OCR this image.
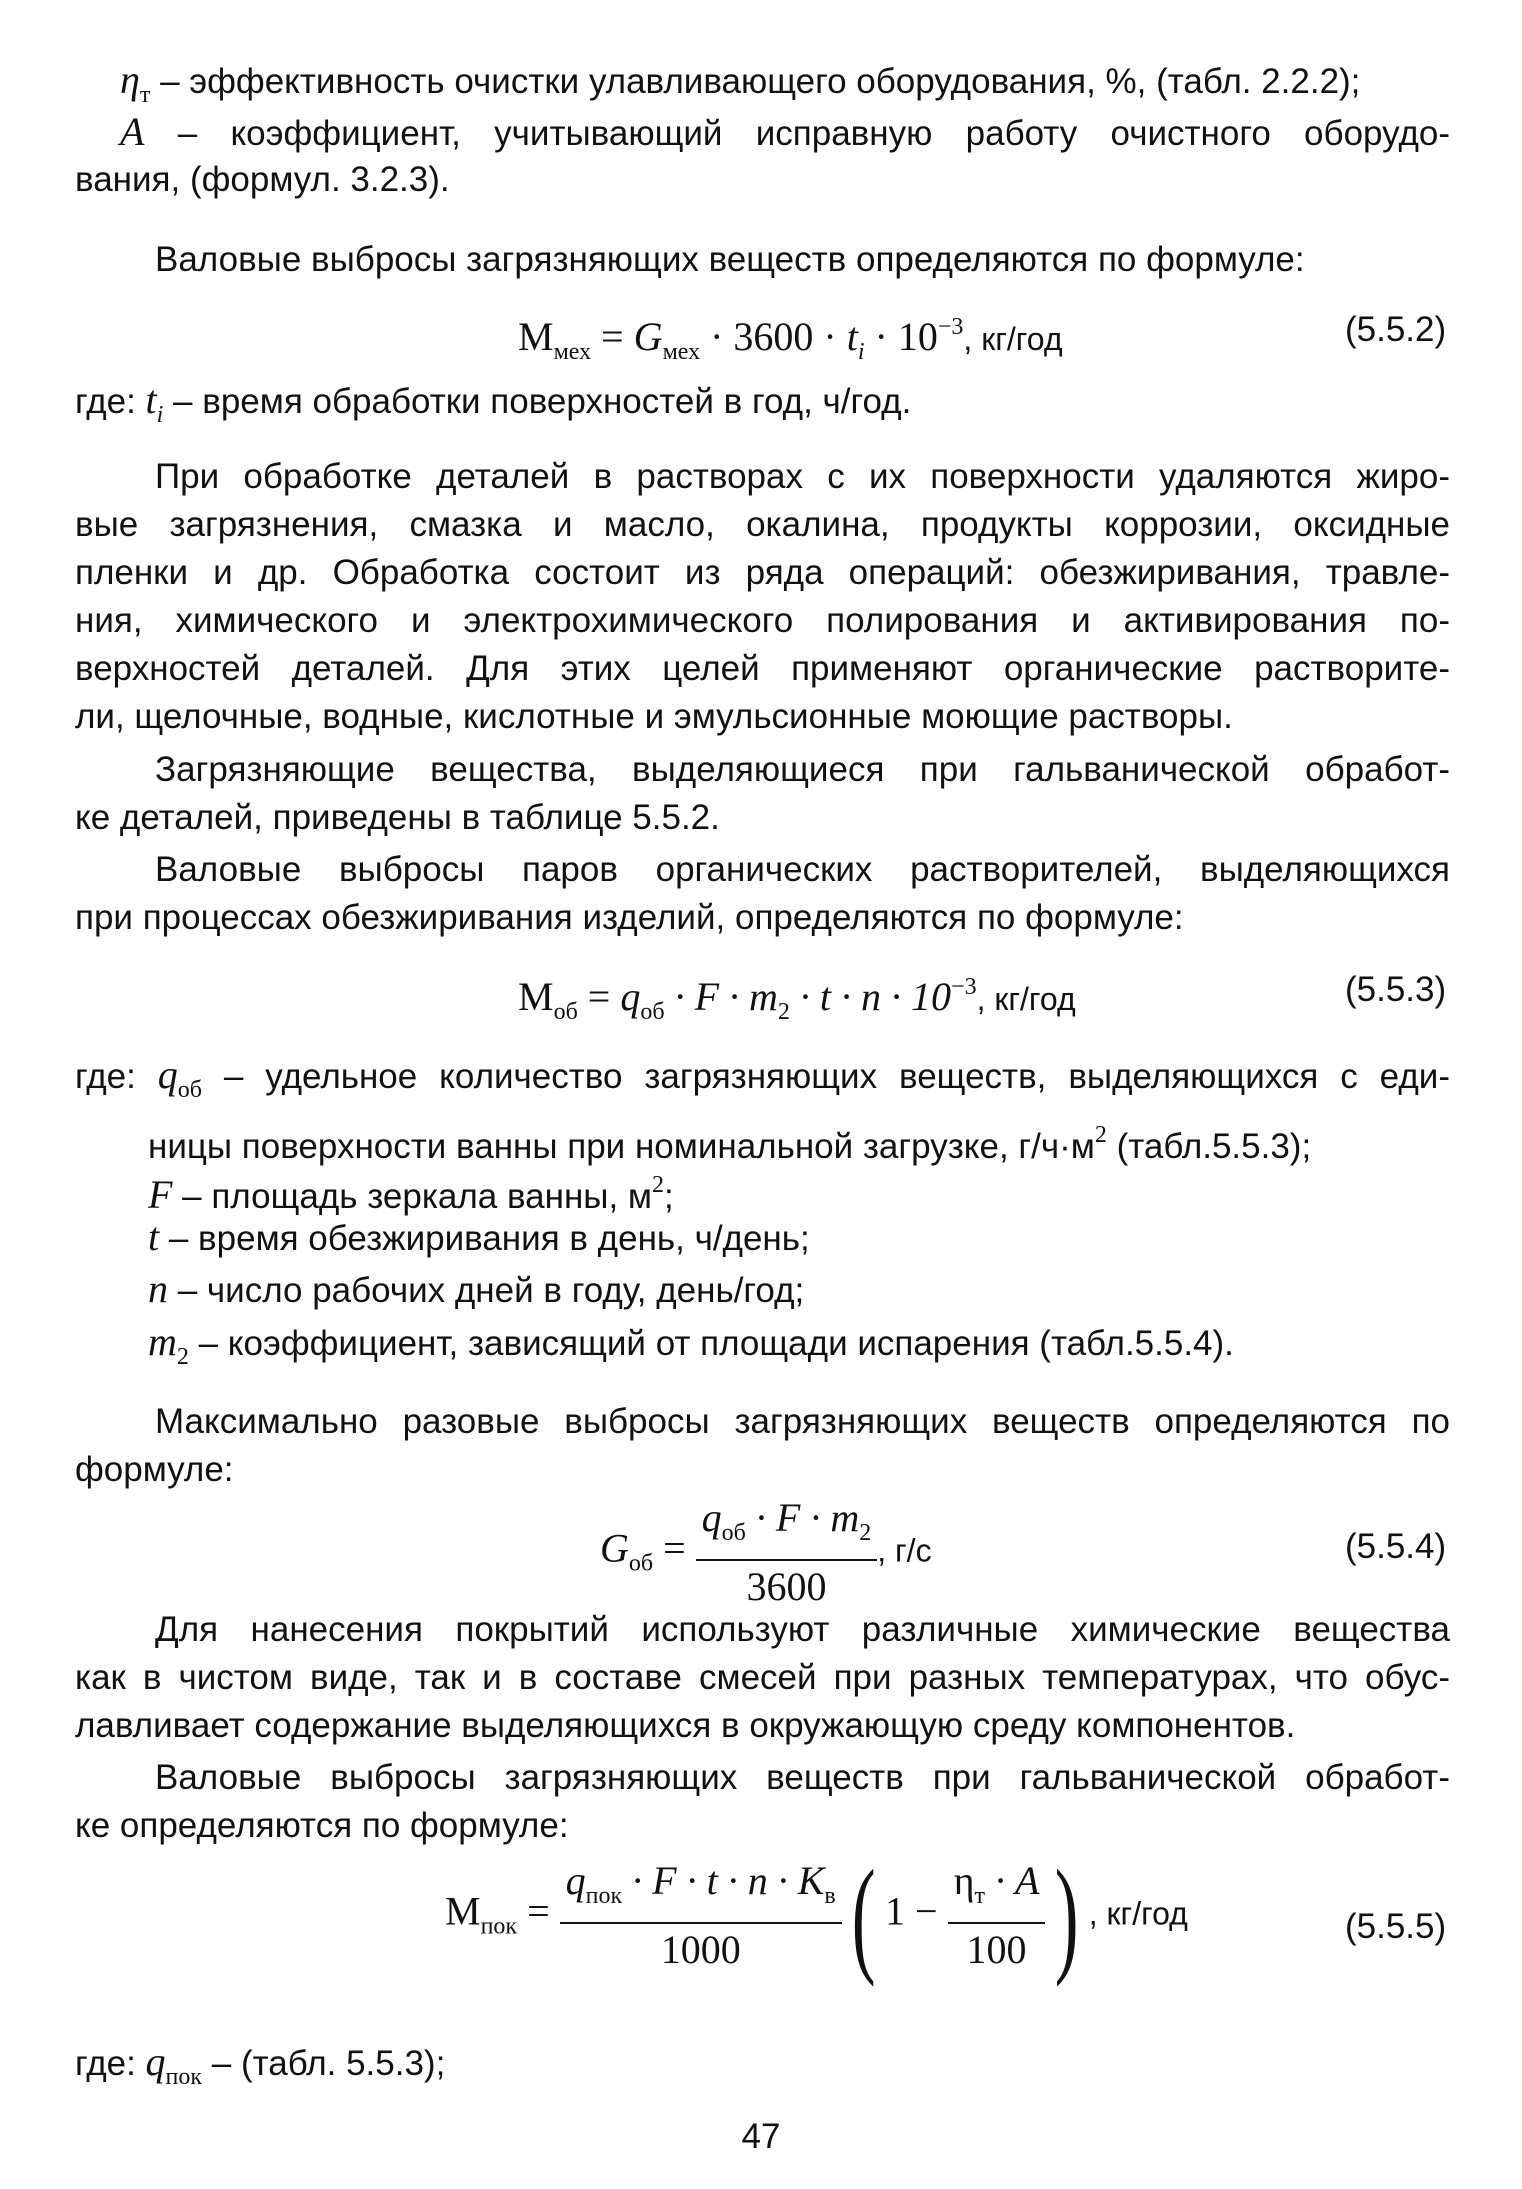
$\eta_т$ – эффективность очистки улавливающего оборудования, %, (табл. 2.2.2);
A – коэффициент, учитывающий исправную работу очистного оборудо-
вания, (формул. 3.2.3).
Валовые выбросы загрязняющих веществ определяются по формуле:
$M_{мех} = G_{мех} \cdot 3600 \cdot t_i \cdot 10^{-3}$, кг/год	(5.5.2)
где: $t_i$ – время обработки поверхностей в год, ч/год.
При обработке деталей в растворах с их поверхности удаляются жиро-
вые загрязнения, смазка и масло, окалина, продукты коррозии, оксидные
пленки и др. Обработка состоит из ряда операций: обезжиривания, травле-
ния, химического и электрохимического полирования и активирования по-
верхностей деталей. Для этих целей применяют органические растворите-
ли, щелочные, водные, кислотные и эмульсионные моющие растворы.
Загрязняющие вещества, выделяющиеся при гальванической обработ-
ке деталей, приведены в таблице 5.5.2.
Валовые выбросы паров органических растворителей, выделяющихся
при процессах обезжиривания изделий, определяются по формуле:
$M_{об} = q_{об} \cdot F \cdot m_2 \cdot t \cdot n \cdot 10^{-3}$, кг/год	(5.5.3)
где: $q_{об}$ – удельное количество загрязняющих веществ, выделяющихся с еди-
ницы поверхности ванны при номинальной загрузке, $г/ч\cdot м^2$ (табл.5.5.3);
F – площадь зеркала ванны, $м^2$;
t – время обезжиривания в день, ч/день;
n – число рабочих дней в году, день/год;
$m_2$ – коэффициент, зависящий от площади испарения (табл.5.5.4).
Максимально разовые выбросы загрязняющих веществ определяются по
формуле:
$G_{об} = \frac{q_{об} \cdot F \cdot m_2}{3600}$ , г/с	(5.5.4)
Для нанесения покрытий используют различные химические вещества
как в чистом виде, так и в составе смесей при разных температурах, что обус-
лавливает содержание выделяющихся в окружающую среду компонентов.
Валовые выбросы загрязняющих веществ при гальванической обработ-
ке определяются по формуле:
$M_{пок} = \frac{q_{пок} \cdot F \cdot t \cdot n \cdot K_в}{1000}$ ( $1 - \frac{\eta_т \cdot A}{100}$ ) , кг/год	(5.5.5)
где: $q_{пок}$ – (табл. 5.5.3);
47
